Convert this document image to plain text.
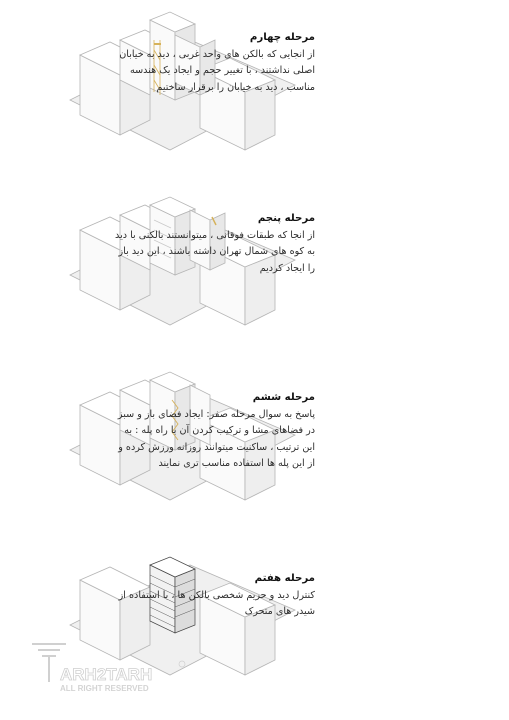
مرحله چهارم

از انجایی که بالکن های واحد غربی ، دید به خیابان اصلی نداشتند ، با تغییر حجم و ایجاد یک هندسه مناسب ، دید به خیابان را برقرار ساختیم

مرحله پنجم

از انجا که طبقات فوقانی ، میتوانستند بالکنی با دید به کوه های شمال تهران داشته باشند ، این دید باز را ایجاد کردیم

مرحله ششم

پاسخ به سوال مرحله صفر: ایجاد فضای باز و سبز در فضاهای مشا و ترکیب کردن آن با راه پله : به این ترتیب ، ساکنیت میتوانند روزانه ورزش کرده و از این پله ها استفاده مناسب تری نمایند

مرحله هفتم

کنترل دید و حریم شخصی بالکن ها ، با استفاده از شیدر های متحرک

ARH2TARH
ALL RIGHT RESERVED
